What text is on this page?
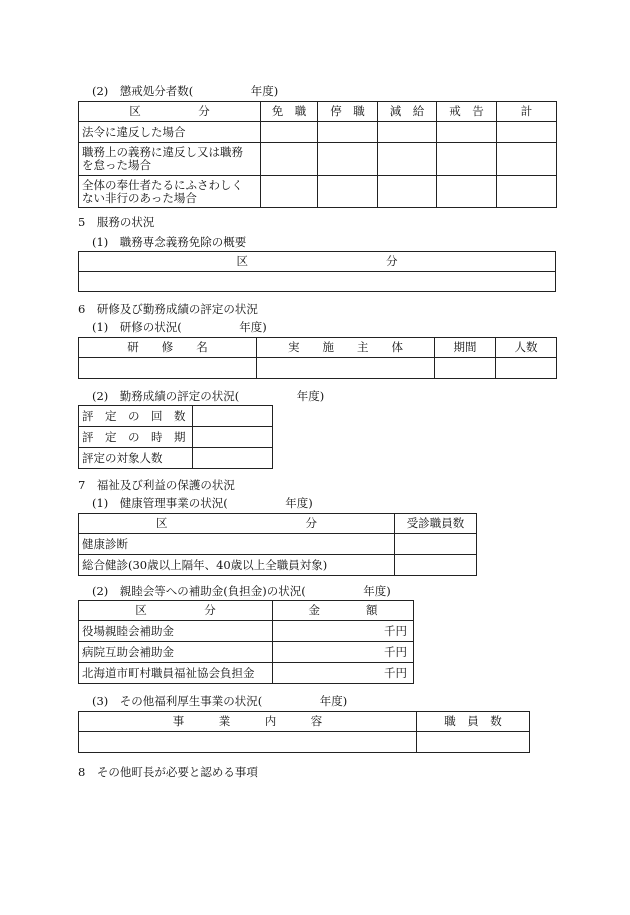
(2)　懲戒処分者数(　　　　　年度)
区　　　　　分	免　職	停　職	減　給	戒　告	計
法令に違反した場合					

職務上の義務に違反し又は職務
を怠った場合					

全体の奉仕者たるにふさわしく
ない非行のあった場合					

5　服務の状況
(1)　職務専念義務免除の概要
区　　　　　　　　　　　　分

6　研修及び勤務成績の評定の状況
(1)　研修の状況(　　　　　年度)
研　　修　　名	実　　施　　主　　体	期間	人数

(2)　勤務成績の評定の状況(　　　　　年度)
評　定　の　回　数	
評　定　の　時　期	
評定の対象人数	
7　福祉及び利益の保護の状況
(1)　健康管理事業の状況(　　　　　年度)
区　　　　　　　　　　　　分	受診職員数
健康診断	
総合健診(30歳以上隔年、40歳以上全職員対象)	
(2)　親睦会等への補助金(負担金)の状況(　　　　　年度)
区　　　　　分	金　　　　額
役場親睦会補助金	千円
病院互助会補助金	千円
北海道市町村職員福祉協会負担金	千円
(3)　その他福利厚生事業の状況(　　　　　年度)
事　　　業　　　内　　　容	職　員　数

8　その他町長が必要と認める事項
